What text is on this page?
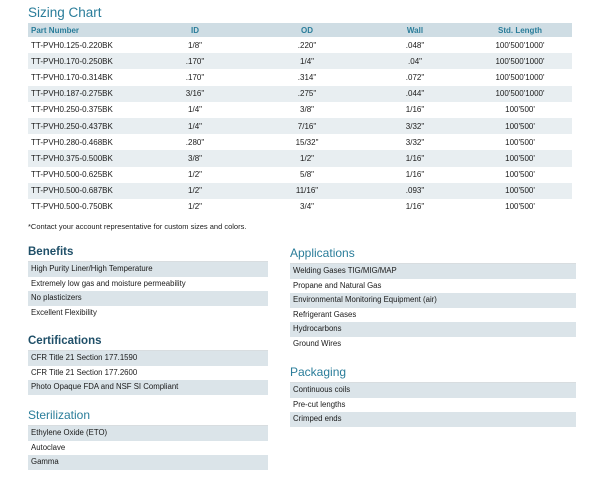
Sizing Chart
Part Number	ID	OD	Wall	Std. Length
TT-PVH0.125-0.220BK	1/8"	.220"	.048"	100'500'1000'
TT-PVH0.170-0.250BK	.170"	1/4"	.04"	100'500'1000'
TT-PVH0.170-0.314BK	.170"	.314"	.072"	100'500'1000'
TT-PVH0.187-0.275BK	3/16"	.275"	.044"	100'500'1000'
TT-PVH0.250-0.375BK	1/4"	3/8"	1/16"	100'500'
TT-PVH0.250-0.437BK	1/4"	7/16"	3/32"	100'500'
TT-PVH0.280-0.468BK	.280"	15/32"	3/32"	100'500'
TT-PVH0.375-0.500BK	3/8"	1/2"	1/16"	100'500'
TT-PVH0.500-0.625BK	1/2"	5/8"	1/16"	100'500'
TT-PVH0.500-0.687BK	1/2"	11/16"	.093"	100'500'
TT-PVH0.500-0.750BK	1/2"	3/4"	1/16"	100'500'
*Contact your account representative for custom sizes and colors.
Benefits
High Purity Liner/High Temperature
Extremely low gas and moisture permeability
No plasticizers
Excellent Flexibility
Certifications
CFR Title 21 Section 177.1590
CFR Title 21 Section 177.2600
Photo Opaque FDA and NSF SI Compliant
Sterilization
Ethylene Oxide (ETO)
Autoclave
Gamma
Applications
Welding Gases TIG/MIG/MAP
Propane and Natural Gas
Environmental Monitoring Equipment (air)
Refrigerant Gases
Hydrocarbons
Ground Wires
Packaging
Continuous coils
Pre-cut lengths
Crimped ends
